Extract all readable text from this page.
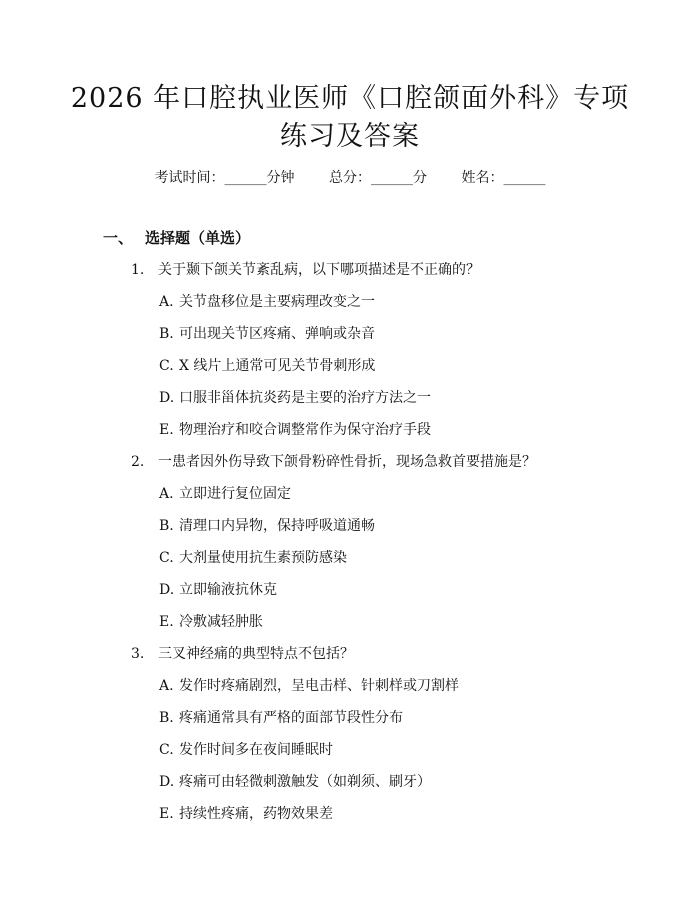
2026 年口腔执业医师《口腔颌面外科》专项
练习及答案
考试时间：______分钟 总分：______分 姓名：______
一、 选择题（单选）
1. 关于颞下颌关节紊乱病，以下哪项描述是不正确的？
A. 关节盘移位是主要病理改变之一
B. 可出现关节区疼痛、弹响或杂音
C. X 线片上通常可见关节骨刺形成
D. 口服非甾体抗炎药是主要的治疗方法之一
E. 物理治疗和咬合调整常作为保守治疗手段
2. 一患者因外伤导致下颌骨粉碎性骨折，现场急救首要措施是？
A. 立即进行复位固定
B. 清理口内异物，保持呼吸道通畅
C. 大剂量使用抗生素预防感染
D. 立即输液抗休克
E. 冷敷减轻肿胀
3. 三叉神经痛的典型特点不包括？
A. 发作时疼痛剧烈，呈电击样、针刺样或刀割样
B. 疼痛通常具有严格的面部节段性分布
C. 发作时间多在夜间睡眠时
D. 疼痛可由轻微刺激触发（如剃须、刷牙）
E. 持续性疼痛，药物效果差
